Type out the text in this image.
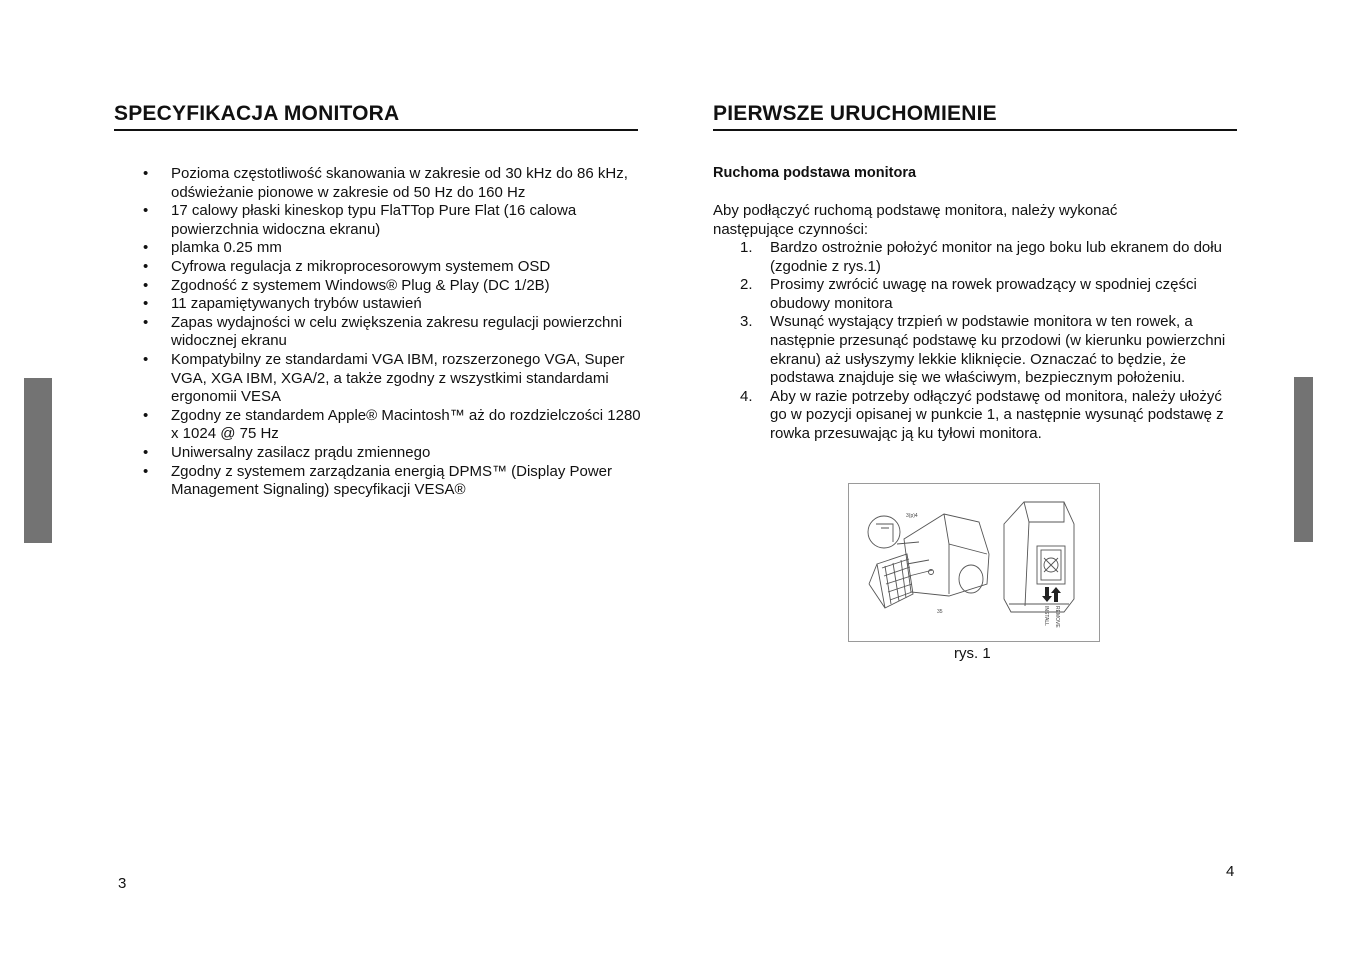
SPECYFIKACJA MONITORA
• Pozioma częstotliwość skanowania w zakresie od 30 kHz do 86 kHz, odświeżanie pionowe w zakresie od 50 Hz do 160 Hz
• 17 calowy płaski kineskop typu FlaTTop Pure Flat (16 calowa powierzchnia widoczna ekranu)
• plamka 0.25 mm
• Cyfrowa regulacja z mikroprocesorowym systemem OSD
• Zgodność z systemem Windows® Plug & Play (DC 1/2B)
• 11 zapamiętywanych trybów ustawień
• Zapas wydajności w celu zwiększenia zakresu regulacji powierzchni widocznej ekranu
• Kompatybilny ze standardami VGA IBM, rozszerzonego VGA, Super VGA, XGA IBM, XGA/2, a także zgodny z wszystkimi standardami ergonomii VESA
• Zgodny ze standardem Apple® Macintosh™ aż do rozdzielczości 1280 x 1024 @ 75 Hz
• Uniwersalny zasilacz prądu zmiennego
• Zgodny z systemem zarządzania energią DPMS™ (Display Power Management Signaling) specyfikacji VESA®
3
PIERWSZE URUCHOMIENIE
Ruchoma podstawa monitora
Aby podłączyć ruchomą podstawę monitora, należy wykonać następujące czynności:
1. Bardzo ostrożnie położyć monitor na jego boku lub ekranem do dołu (zgodnie z rys.1)
2. Prosimy zwrócić uwagę na rowek prowadzący w spodniej części obudowy monitora
3. Wsunąć wystający trzpień w podstawie monitora w ten rowek, a następnie przesunąć podstawę ku przodowi (w kierunku powierzchni ekranu) aż usłyszymy lekkie kliknięcie. Oznaczać to będzie, że podstawa znajduje się we właściwym, bezpiecznym położeniu.
4. Aby w razie potrzeby odłączyć podstawę od monitora, należy ułożyć go w pozycji opisanej w punkcie 1, a następnie wysunąć podstawę z rowka przesuwając ją ku tyłowi monitora.
3(p)4
35	INSTALL REMOVE
rys. 1
4
